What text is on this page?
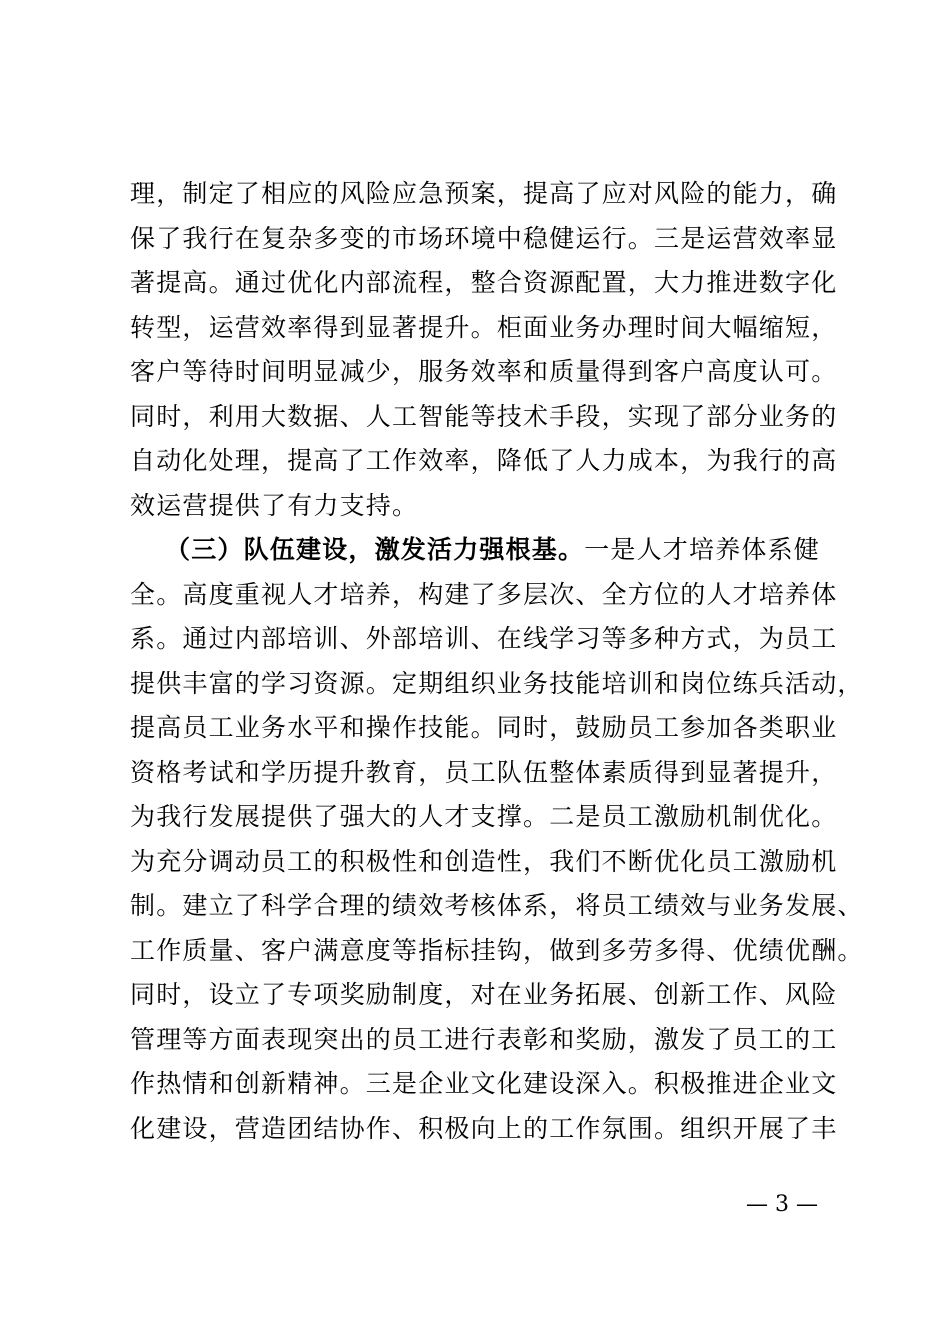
理，制定了相应的风险应急预案，提高了应对风险的能力，确
保了我行在复杂多变的市场环境中稳健运行。三是运营效率显
著提高。通过优化内部流程，整合资源配置，大力推进数字化
转型，运营效率得到显著提升。柜面业务办理时间大幅缩短，
客户等待时间明显减少，服务效率和质量得到客户高度认可。
同时，利用大数据、人工智能等技术手段，实现了部分业务的
自动化处理，提高了工作效率，降低了人力成本，为我行的高
效运营提供了有力支持。
（三）队伍建设，激发活力强根基。一是人才培养体系健
全。高度重视人才培养，构建了多层次、全方位的人才培养体
系。通过内部培训、外部培训、在线学习等多种方式，为员工
提供丰富的学习资源。定期组织业务技能培训和岗位练兵活动，
提高员工业务水平和操作技能。同时，鼓励员工参加各类职业
资格考试和学历提升教育，员工队伍整体素质得到显著提升，
为我行发展提供了强大的人才支撑。二是员工激励机制优化。
为充分调动员工的积极性和创造性，我们不断优化员工激励机
制。建立了科学合理的绩效考核体系，将员工绩效与业务发展、
工作质量、客户满意度等指标挂钩，做到多劳多得、优绩优酬。
同时，设立了专项奖励制度，对在业务拓展、创新工作、风险
管理等方面表现突出的员工进行表彰和奖励，激发了员工的工
作热情和创新精神。三是企业文化建设深入。积极推进企业文
化建设，营造团结协作、积极向上的工作氛围。组织开展了丰
— 3 —
